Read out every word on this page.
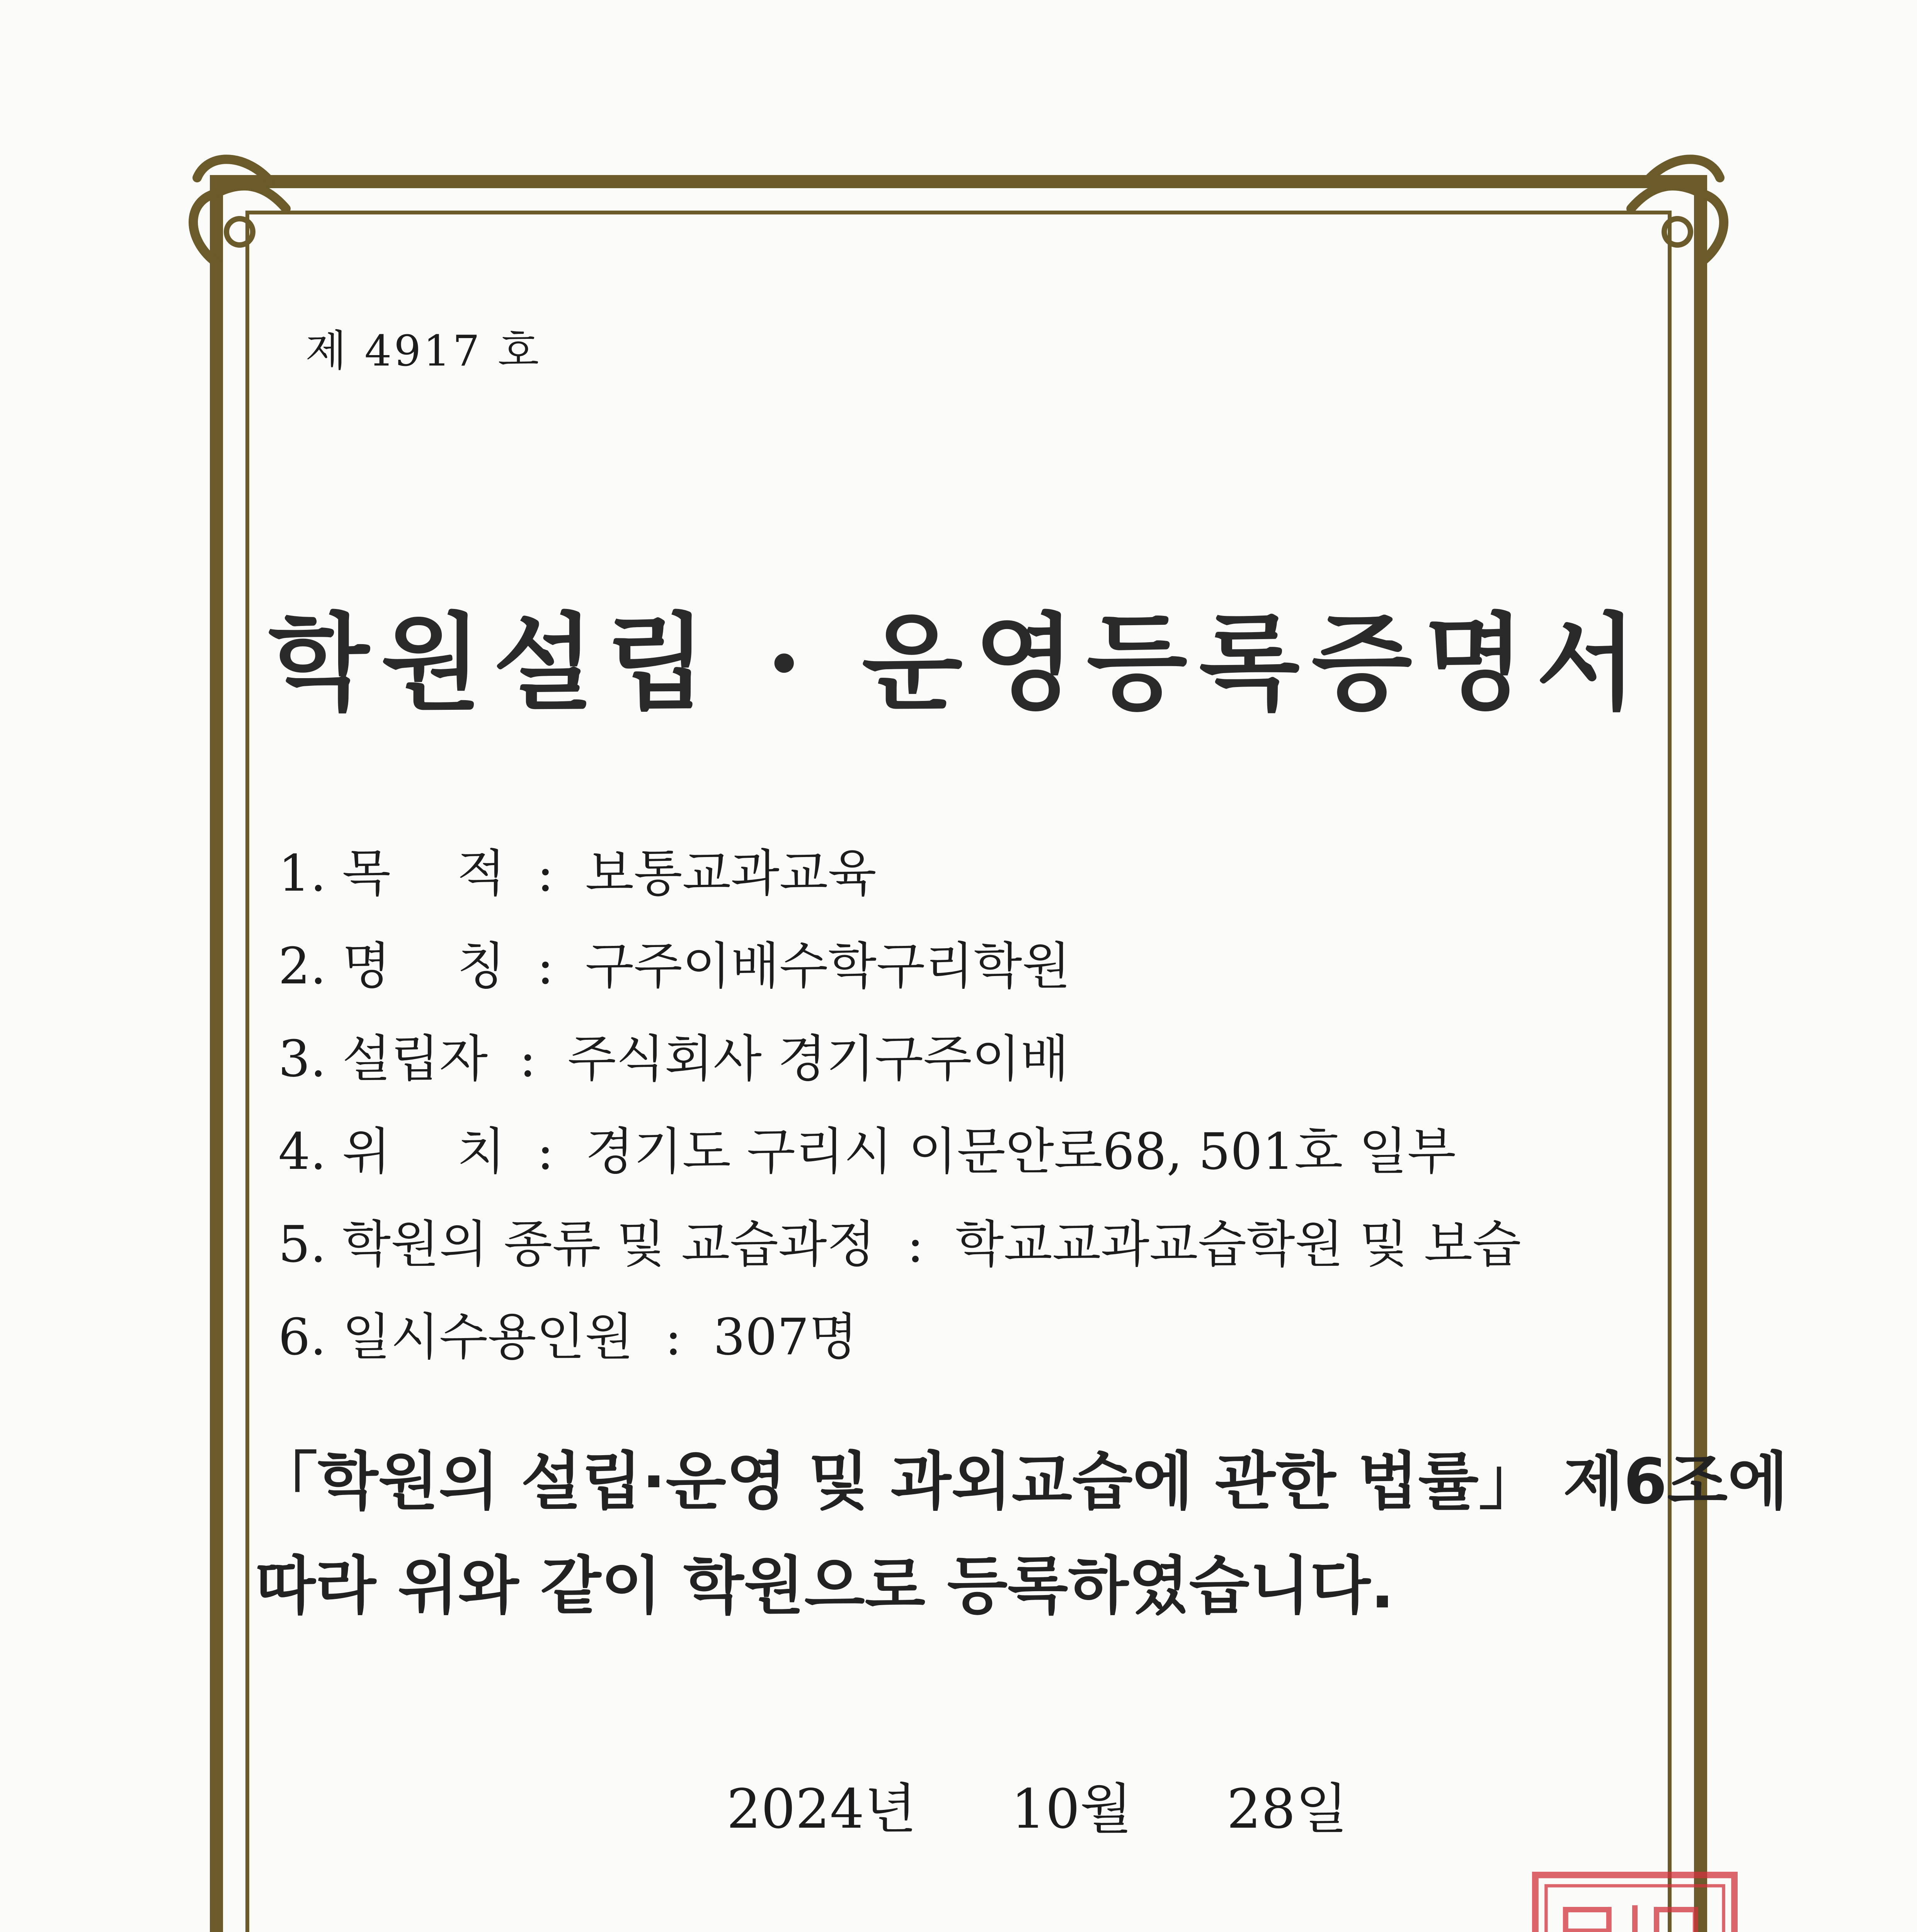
제 4917 호
학원설립 · 운영등록증명서
1. 목　 적 : 보통교과교육
2. 명　 칭 : 구주이배수학구리학원
3. 설립자 : 주식회사 경기구주이배
4. 위　 치 : 경기도 구리시 이문안로68, 501호 일부
5. 학원의 종류 및 교습과정 : 학교교과교습학원 및 보습
6. 일시수용인원 : 307명
「학원의 설립·운영 및 과외교습에 관한 법률」 제6조에
따라 위와 같이 학원으로 등록하였습니다.
2024년 10월 28일
